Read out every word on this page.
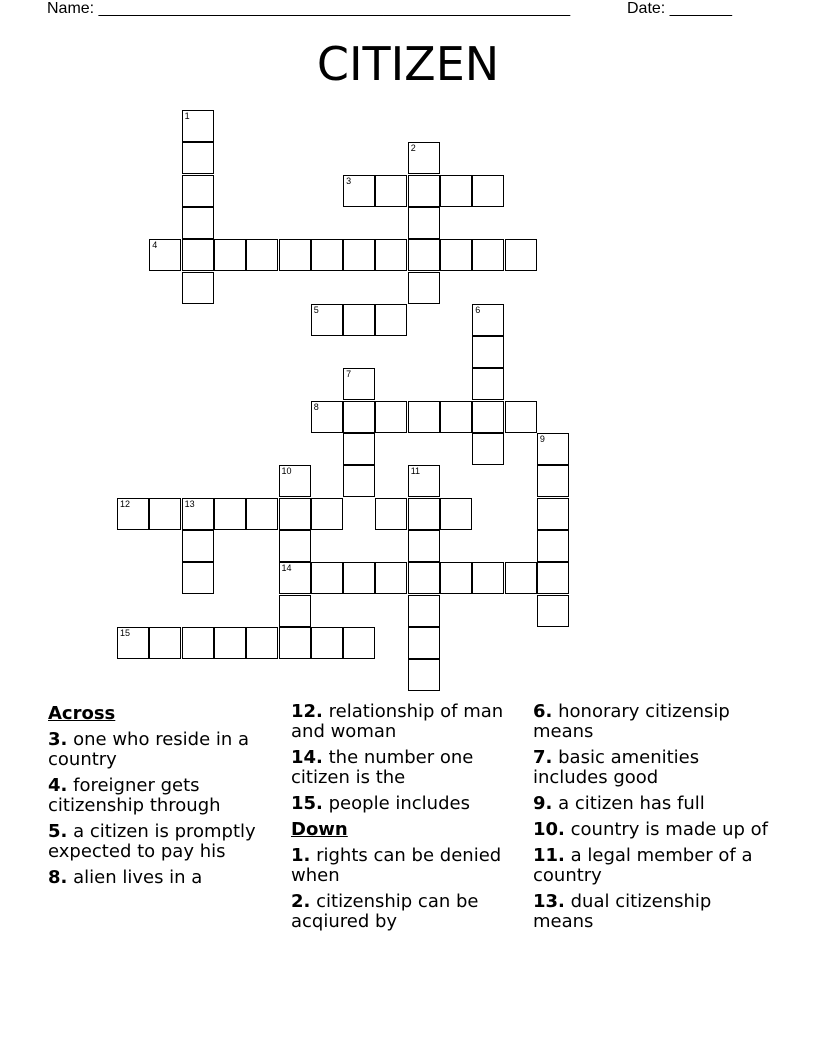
Name: _____________________________________________________	Date: _______
CITIZEN
1
2
3
4
5	6
7
8
9
10	11
12	13
14
15
Across
3. one who reside in a country
4. foreigner gets citizenship through
5. a citizen is promptly expected to pay his
8. alien lives in a
12. relationship of man and woman
14. the number one citizen is the
15. people includes
Down
1. rights can be denied when
2. citizenship can be acqiured by
6. honorary citizensip means
7. basic amenities includes good
9. a citizen has full
10. country is made up of
11. a legal member of a country
13. dual citizenship means
